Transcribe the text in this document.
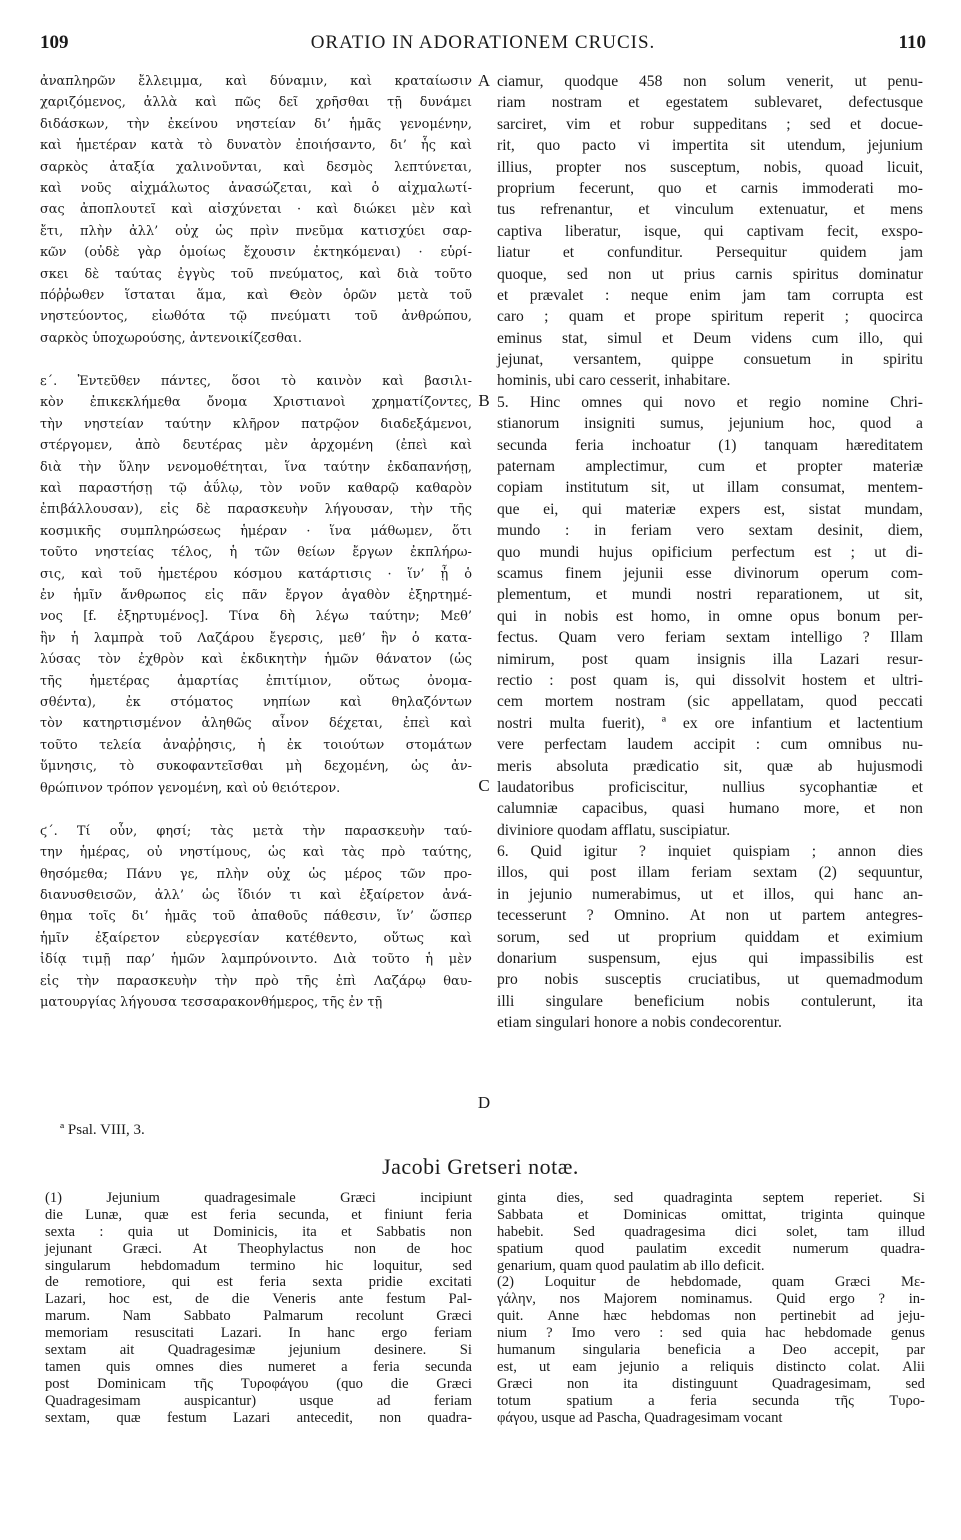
109	ORATIO IN ADORATIONEM CRUCIS.	110
ἀναπληρῶν ἔλλειμμα, καὶ δύναμιν, καὶ κραταίωσιν
χαριζόμενος, ἀλλὰ καὶ πῶς δεῖ χρῆσθαι τῇ δυνάμει
διδάσκων, τὴν ἐκείνου νηστείαν δι’ ἡμᾶς γενομένην,
καὶ ἡμετέραν κατὰ τὸ δυνατὸν ἐποιήσαντο, δι’ ἧς καὶ
σαρκὸς ἀταξία χαλινοῦνται, καὶ δεσμὸς λεπτύνεται,
καὶ νοῦς αἰχμάλωτος ἀνασώζεται, καὶ ὁ αἰχμαλωτί-
σας ἀποπλουτεῖ καὶ αἰσχύνεται · καὶ διώκει μὲν καὶ
ἔτι, πλὴν ἀλλ’ οὐχ ὡς πρὶν πνεῦμα κατισχύει σαρ-
κῶν (οὐδὲ γὰρ ὁμοίως ἔχουσιν ἐκτηκόμεναι) · εὑρί-
σκει δὲ ταύτας ἐγγὺς τοῦ πνεύματος, καὶ διὰ τοῦτο
πόῤῥωθεν ἵσταται ἅμα, καὶ Θεὸν ὁρῶν μετὰ τοῦ
νηστεύοντος, εἰωθότα τῷ πνεύματι τοῦ ἀνθρώπου,
σαρκὸς ὑποχωρούσης, ἀντενοικίζεσθαι.
ε΄. Ἐντεῦθεν πάντες, ὅσοι τὸ καινὸν καὶ βασιλι-
κὸν ἐπικεκλήμεθα ὄνομα Χριστιανοὶ χρηματίζοντες,
τὴν νηστείαν ταύτην κλῆρον πατρῷον διαδεξάμενοι,
στέργομεν, ἀπὸ δευτέρας μὲν ἀρχομένη (ἐπεὶ καὶ
διὰ τὴν ὕλην νενομοθέτηται, ἵνα ταύτην ἐκδαπανήσῃ,
καὶ παραστήσῃ τῷ ἀΰλῳ, τὸν νοῦν καθαρῷ καθαρὸν
ἐπιβάλλουσαν), εἰς δὲ παρασκευὴν λήγουσαν, τὴν τῆς
κοσμικῆς συμπληρώσεως ἡμέραν · ἵνα μάθωμεν, ὅτι
τοῦτο νηστείας τέλος, ἡ τῶν θείων ἔργων ἐκπλήρω-
σις, καὶ τοῦ ἡμετέρου κόσμου κατάρτισις · ἵν’ ᾖ ὁ
ἐν ἡμῖν ἄνθρωπος εἰς πᾶν ἔργον ἀγαθὸν ἐξηρτημέ-
νος [f. ἐξηρτυμένος]. Τίνα δὴ λέγω ταύτην; Μεθ’
ἣν ἡ λαμπρὰ τοῦ Λαζάρου ἔγερσις, μεθ’ ἣν ὁ κατα-
λύσας τὸν ἐχθρὸν καὶ ἐκδικητὴν ἡμῶν θάνατον (ὡς
τῆς ἡμετέρας ἁμαρτίας ἐπιτίμιον, οὕτως ὀνομα-
σθέντα), ἐκ στόματος νηπίων καὶ θηλαζόντων
τὸν κατηρτισμένον ἀληθῶς αἶνον δέχεται, ἐπεὶ καὶ
τοῦτο τελεία ἀναῤῥησις, ἡ ἐκ τοιούτων στομάτων
ὕμνησις, τὸ συκοφαντεῖσθαι μὴ δεχομένη, ὡς ἀν-
θρώπινον τρόπον γενομένη, καὶ οὐ θειότερον.
ϛ΄. Τί οὖν, φησί; τὰς μετὰ τὴν παρασκευὴν ταύ-
την ἡμέρας, οὐ νηστίμους, ὡς καὶ τὰς πρὸ ταύτης,
θησόμεθα; Πάνυ γε, πλὴν οὐχ ὡς μέρος τῶν προ-
διανυσθεισῶν, ἀλλ’ ὡς ἴδιόν τι καὶ ἐξαίρετον ἀνά-
θημα τοῖς δι’ ἡμᾶς τοῦ ἀπαθοῦς πάθεσιν, ἵν’ ὥσπερ
ἡμῖν ἐξαίρετον εὐεργεσίαν κατέθεντο, οὕτως καὶ
ἰδίᾳ τιμῇ παρ’ ἡμῶν λαμπρύνοιντο. Διὰ τοῦτο ἡ μὲν
εἰς τὴν παρασκευὴν τὴν πρὸ τῆς ἐπὶ Λαζάρῳ θαυ-
ματουργίας λήγουσα τεσσαρακονθήμερος, τῆς ἐν τῇ
A
B
C
D
ciamur, quodque 458 non solum venerit, ut penu-
riam nostram et egestatem sublevaret, defectusque
sarciret, vim et robur suppeditans ; sed et docue-
rit, quo pacto vi impertita sit utendum, jejunium
illius, propter nos susceptum, nobis, quoad licuit,
proprium fecerunt, quo et carnis immoderati mo-
tus refrenantur, et vinculum extenuatur, et mens
captiva liberatur, isque, qui captivam fecit, exspo-
liatur et confunditur. Persequitur quidem jam
quoque, sed non ut prius carnis spiritus dominatur
et prævalet : neque enim jam tam corrupta est
caro ; quam et prope spiritum reperit ; quocirca
eminus stat, simul et Deum videns cum illo, qui
jejunat, versantem, quippe consuetum in spiritu
hominis, ubi caro cesserit, inhabitare.
5. Hinc omnes qui novo et regio nomine Chri-
stianorum insigniti sumus, jejunium hoc, quod a
secunda feria inchoatur (1) tanquam hæreditatem
paternam amplectimur, cum et propter materiæ
copiam institutum sit, ut illam consumat, mentem-
que ei, qui materiæ expers est, sistat mundam,
mundo : in feriam vero sextam desinit, diem,
quo mundi hujus opificium perfectum est ; ut di-
scamus finem jejunii esse divinorum operum com-
plementum, et mundi nostri reparationem, ut sit,
qui in nobis est homo, in omne opus bonum per-
fectus. Quam vero feriam sextam intelligo ? Illam
nimirum, post quam insignis illa Lazari resur-
rectio : post quam is, qui dissolvit hostem et ultri-
cem mortem nostram (sic appellatam, quod peccati
nostri multa fuerit), ª ex ore infantium et lactentium
vere perfectam laudem accipit : cum omnibus nu-
meris absoluta prædicatio sit, quæ ab hujusmodi
laudatoribus proficiscitur, nullius sycophantiæ et
calumniæ capacibus, quasi humano more, et non
diviniore quodam afflatu, suscipiatur.
6. Quid igitur ? inquiet quispiam ; annon dies
illos, qui post illam feriam sextam (2) sequuntur,
in jejunio numerabimus, ut et illos, qui hanc an-
tecesserunt ? Omnino. At non ut partem antegres-
sorum, sed ut proprium quiddam et eximium
donarium suspensum, ejus qui impassibilis est
pro nobis susceptis cruciatibus, ut quemadmodum
illi singulare beneficium nobis contulerunt, ita
etiam singulari honore a nobis condecorentur.
ª Psal. VIII, 3.
Jacobi Gretseri notæ.
(1)	Jejunium	quadragesimale	Græci	incipiunt
die Lunæ, quæ est feria secunda, et finiunt feria
sexta : quia ut Dominicis, ita et Sabbatis non
jejunant Græci. At Theophylactus non de hoc
singularum hebdomadum termino hic loquitur, sed
de remotiore, qui est feria sexta pridie excitati
Lazari, hoc est, de die Veneris ante festum Pal-
marum. Nam Sabbato Palmarum recolunt Græci
memoriam resuscitati Lazari. In hanc ergo feriam
sextam ait Quadragesimæ jejunium desinere. Si
tamen quis omnes dies numeret a feria secunda
post Dominicam τῆς Τυροφάγου (quo die Græci
Quadragesimam	auspicantur)	usque	ad	feriam
sextam, quæ festum Lazari antecedit, non quadra-
ginta dies, sed quadraginta septem reperiet. Si
Sabbata et Dominicas omittat, triginta quinque
habebit. Sed quadragesima dici solet, tam illud
spatium quod paulatim excedit numerum quadra-
genarium, quam quod paulatim ab illo deficit.
(2) Loquitur de hebdomade, quam Græci Με-
γάλην, nos Majorem nominamus. Quid ergo ? in-
quit. Anne hæc hebdomas non pertinebit ad jeju-
nium ? Imo vero : sed quia hac hebdomade genus
humanum singularia beneficia a Deo accepit, par
est, ut eam jejunio a reliquis distincto colat. Alii
Græci non ita distinguunt Quadragesimam, sed
totum spatium a feria secunda τῆς Τυρο-
φάγου, usque ad Pascha, Quadragesimam vocant
